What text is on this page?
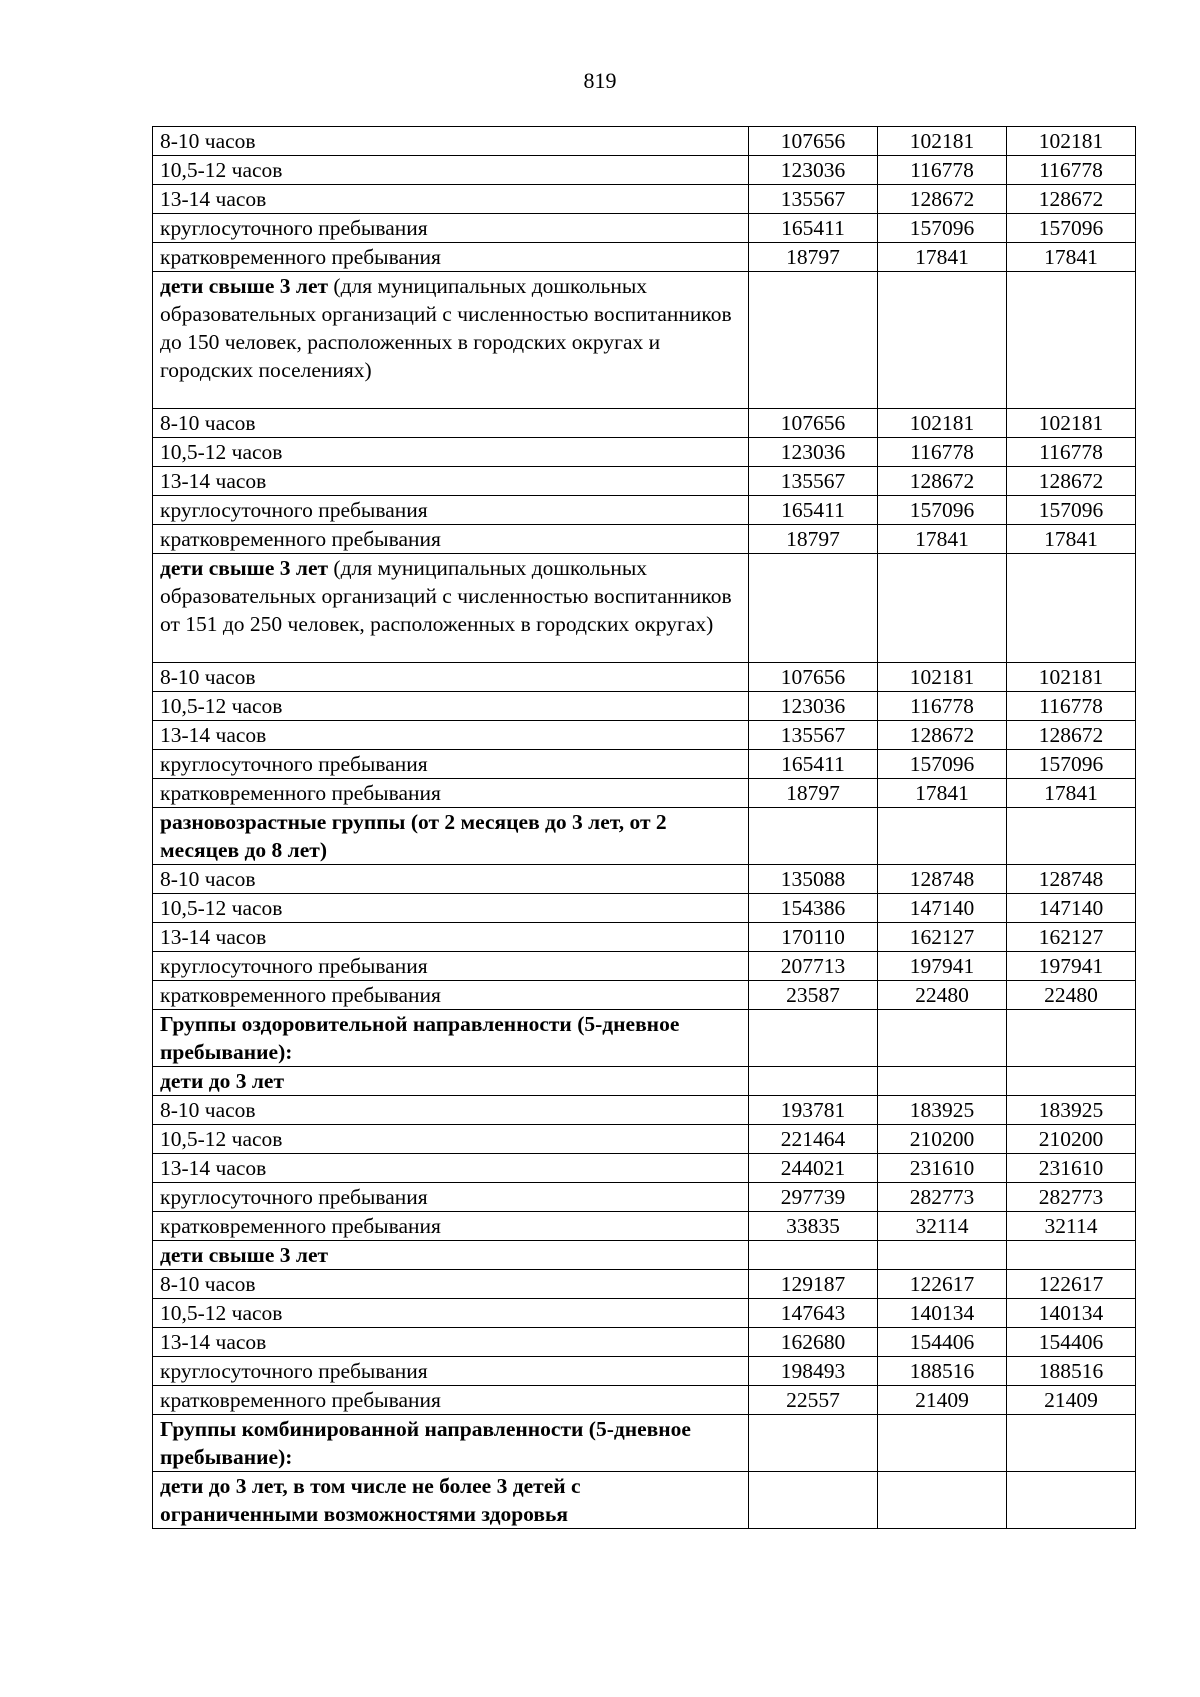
819
8-10 часов	107656	102181	102181
10,5-12 часов	123036	116778	116778
13-14 часов	135567	128672	128672
круглосуточного пребывания	165411	157096	157096
кратковременного пребывания	18797	17841	17841
дети свыше 3 лет (для муниципальных дошкольных образовательных организаций с численностью воспитанников до 150 человек, расположенных в городских округах и городских поселениях)

8-10 часов	107656	102181	102181
10,5-12 часов	123036	116778	116778
13-14 часов	135567	128672	128672
круглосуточного пребывания	165411	157096	157096
кратковременного пребывания	18797	17841	17841
дети свыше 3 лет (для муниципальных дошкольных образовательных организаций с численностью воспитанников от 151 до 250 человек, расположенных в городских округах)

8-10 часов	107656	102181	102181
10,5-12 часов	123036	116778	116778
13-14 часов	135567	128672	128672
круглосуточного пребывания	165411	157096	157096
кратковременного пребывания	18797	17841	17841
разновозрастные группы (от 2 месяцев до 3 лет, от 2 месяцев до 8 лет)			
8-10 часов	135088	128748	128748
10,5-12 часов	154386	147140	147140
13-14 часов	170110	162127	162127
круглосуточного пребывания	207713	197941	197941
кратковременного пребывания	23587	22480	22480
Группы оздоровительной направленности (5-дневное пребывание):			
дети до 3 лет			
8-10 часов	193781	183925	183925
10,5-12 часов	221464	210200	210200
13-14 часов	244021	231610	231610
круглосуточного пребывания	297739	282773	282773
кратковременного пребывания	33835	32114	32114
дети свыше 3 лет			
8-10 часов	129187	122617	122617
10,5-12 часов	147643	140134	140134
13-14 часов	162680	154406	154406
круглосуточного пребывания	198493	188516	188516
кратковременного пребывания	22557	21409	21409
Группы комбинированной направленности (5-дневное пребывание):			
дети до 3 лет, в том числе не более 3 детей с ограниченными возможностями здоровья			
